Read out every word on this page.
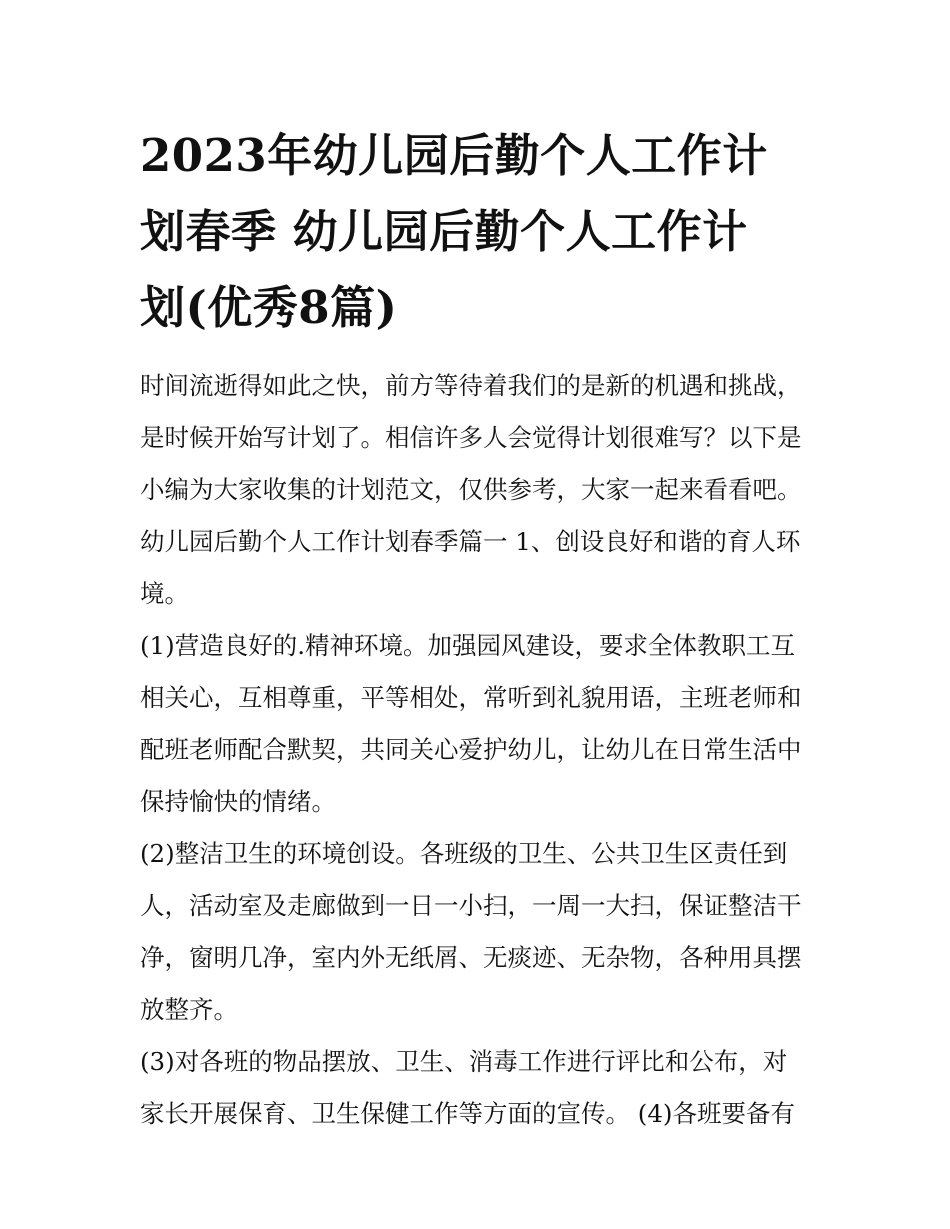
2023年幼儿园后勤个人工作计
划春季 幼儿园后勤个人工作计
划(优秀8篇)

时间流逝得如此之快，前方等待着我们的是新的机遇和挑战，
是时候开始写计划了。相信许多人会觉得计划很难写？以下是
小编为大家收集的计划范文，仅供参考，大家一起来看看吧。
幼儿园后勤个人工作计划春季篇一 1、创设良好和谐的育人环
境。

(1)营造良好的.精神环境。加强园风建设，要求全体教职工互
相关心，互相尊重，平等相处，常听到礼貌用语，主班老师和
配班老师配合默契，共同关心爱护幼儿，让幼儿在日常生活中
保持愉快的情绪。

(2)整洁卫生的环境创设。各班级的卫生、公共卫生区责任到
人，活动室及走廊做到一日一小扫，一周一大扫，保证整洁干
净，窗明几净，室内外无纸屑、无痰迹、无杂物，各种用具摆
放整齐。

(3)对各班的物品摆放、卫生、消毒工作进行评比和公布，对
家长开展保育、卫生保健工作等方面的宣传。 (4)各班要备有
